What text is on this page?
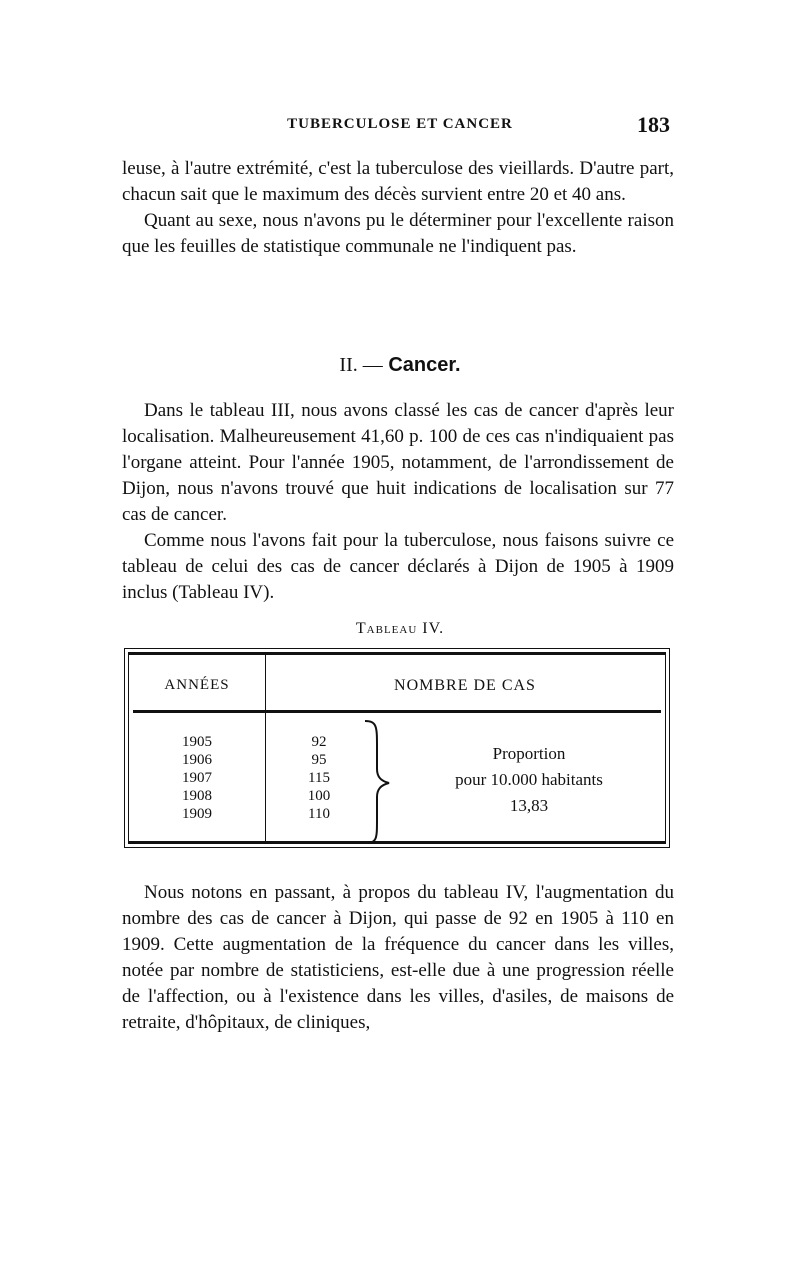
TUBERCULOSE ET CANCER	183

leuse, à l'autre extrémité, c'est la tuberculose des vieillards. D'autre part, chacun sait que le maximum des décès survient entre 20 et 40 ans.

Quant au sexe, nous n'avons pu le déterminer pour l'excellente raison que les feuilles de statistique communale ne l'indiquent pas.

II. — Cancer.

Dans le tableau III, nous avons classé les cas de cancer d'après leur localisation. Malheureusement 41,60 p. 100 de ces cas n'indiquaient pas l'organe atteint. Pour l'année 1905, notamment, de l'arrondissement de Dijon, nous n'avons trouvé que huit indications de localisation sur 77 cas de cancer.

Comme nous l'avons fait pour la tuberculose, nous faisons suivre ce tableau de celui des cas de cancer déclarés à Dijon de 1905 à 1909 inclus (Tableau IV).

Tableau IV.
ANNÉES	NOMBRE DE CAS
1905
1906
1907
1908
1909
92
95
115
100
110
Proportion
pour 10.000 habitants
13,83

Nous notons en passant, à propos du tableau IV, l'augmentation du nombre des cas de cancer à Dijon, qui passe de 92 en 1905 à 110 en 1909. Cette augmentation de la fréquence du cancer dans les villes, notée par nombre de statisticiens, est-elle due à une progression réelle de l'affection, ou à l'existence dans les villes, d'asiles, de maisons de retraite, d'hôpitaux, de cliniques,
